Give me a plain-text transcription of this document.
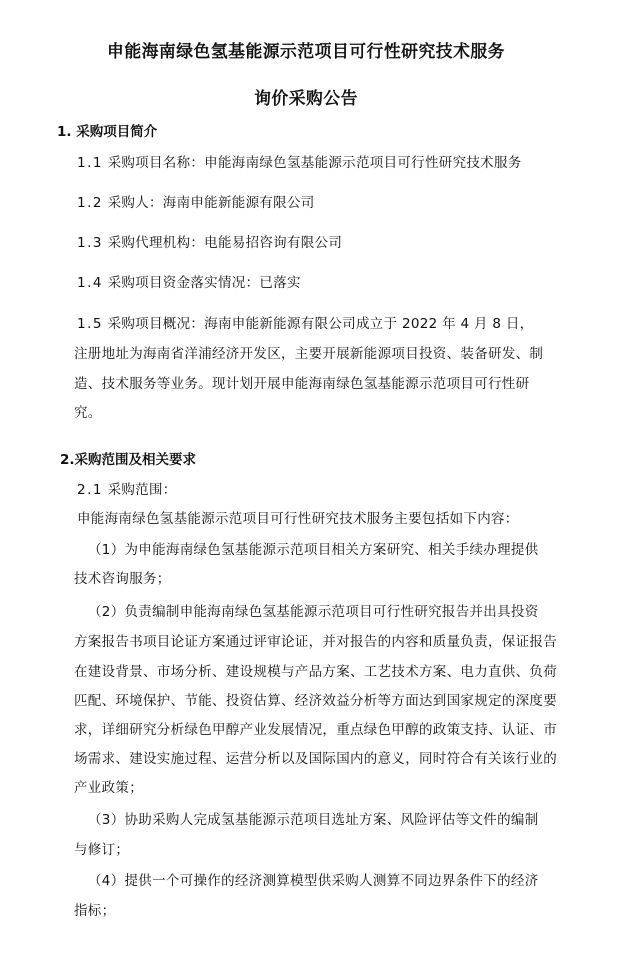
申能海南绿色氢基能源示范项目可行性研究技术服务
询价采购公告
1. 采购项目简介
1.1 采购项目名称：申能海南绿色氢基能源示范项目可行性研究技术服务
1.2 采购人：海南申能新能源有限公司
1.3 采购代理机构：电能易招咨询有限公司
1.4 采购项目资金落实情况：已落实
1.5 采购项目概况：海南申能新能源有限公司成立于 2022 年 4 月 8 日，
注册地址为海南省洋浦经济开发区，主要开展新能源项目投资、装备研发、制
造、技术服务等业务。现计划开展申能海南绿色氢基能源示范项目可行性研
究。
2.采购范围及相关要求
2.1 采购范围：
申能海南绿色氢基能源示范项目可行性研究技术服务主要包括如下内容：
（1）为申能海南绿色氢基能源示范项目相关方案研究、相关手续办理提供
技术咨询服务；
（2）负责编制申能海南绿色氢基能源示范项目可行性研究报告并出具投资
方案报告书项目论证方案通过评审论证，并对报告的内容和质量负责，保证报告
在建设背景、市场分析、建设规模与产品方案、工艺技术方案、电力直供、负荷
匹配、环境保护、节能、投资估算、经济效益分析等方面达到国家规定的深度要
求，详细研究分析绿色甲醇产业发展情况，重点绿色甲醇的政策支持、认证、市
场需求、建设实施过程、运营分析以及国际国内的意义，同时符合有关该行业的
产业政策；
（3）协助采购人完成氢基能源示范项目选址方案、风险评估等文件的编制
与修订；
（4）提供一个可操作的经济测算模型供采购人测算不同边界条件下的经济
指标；
